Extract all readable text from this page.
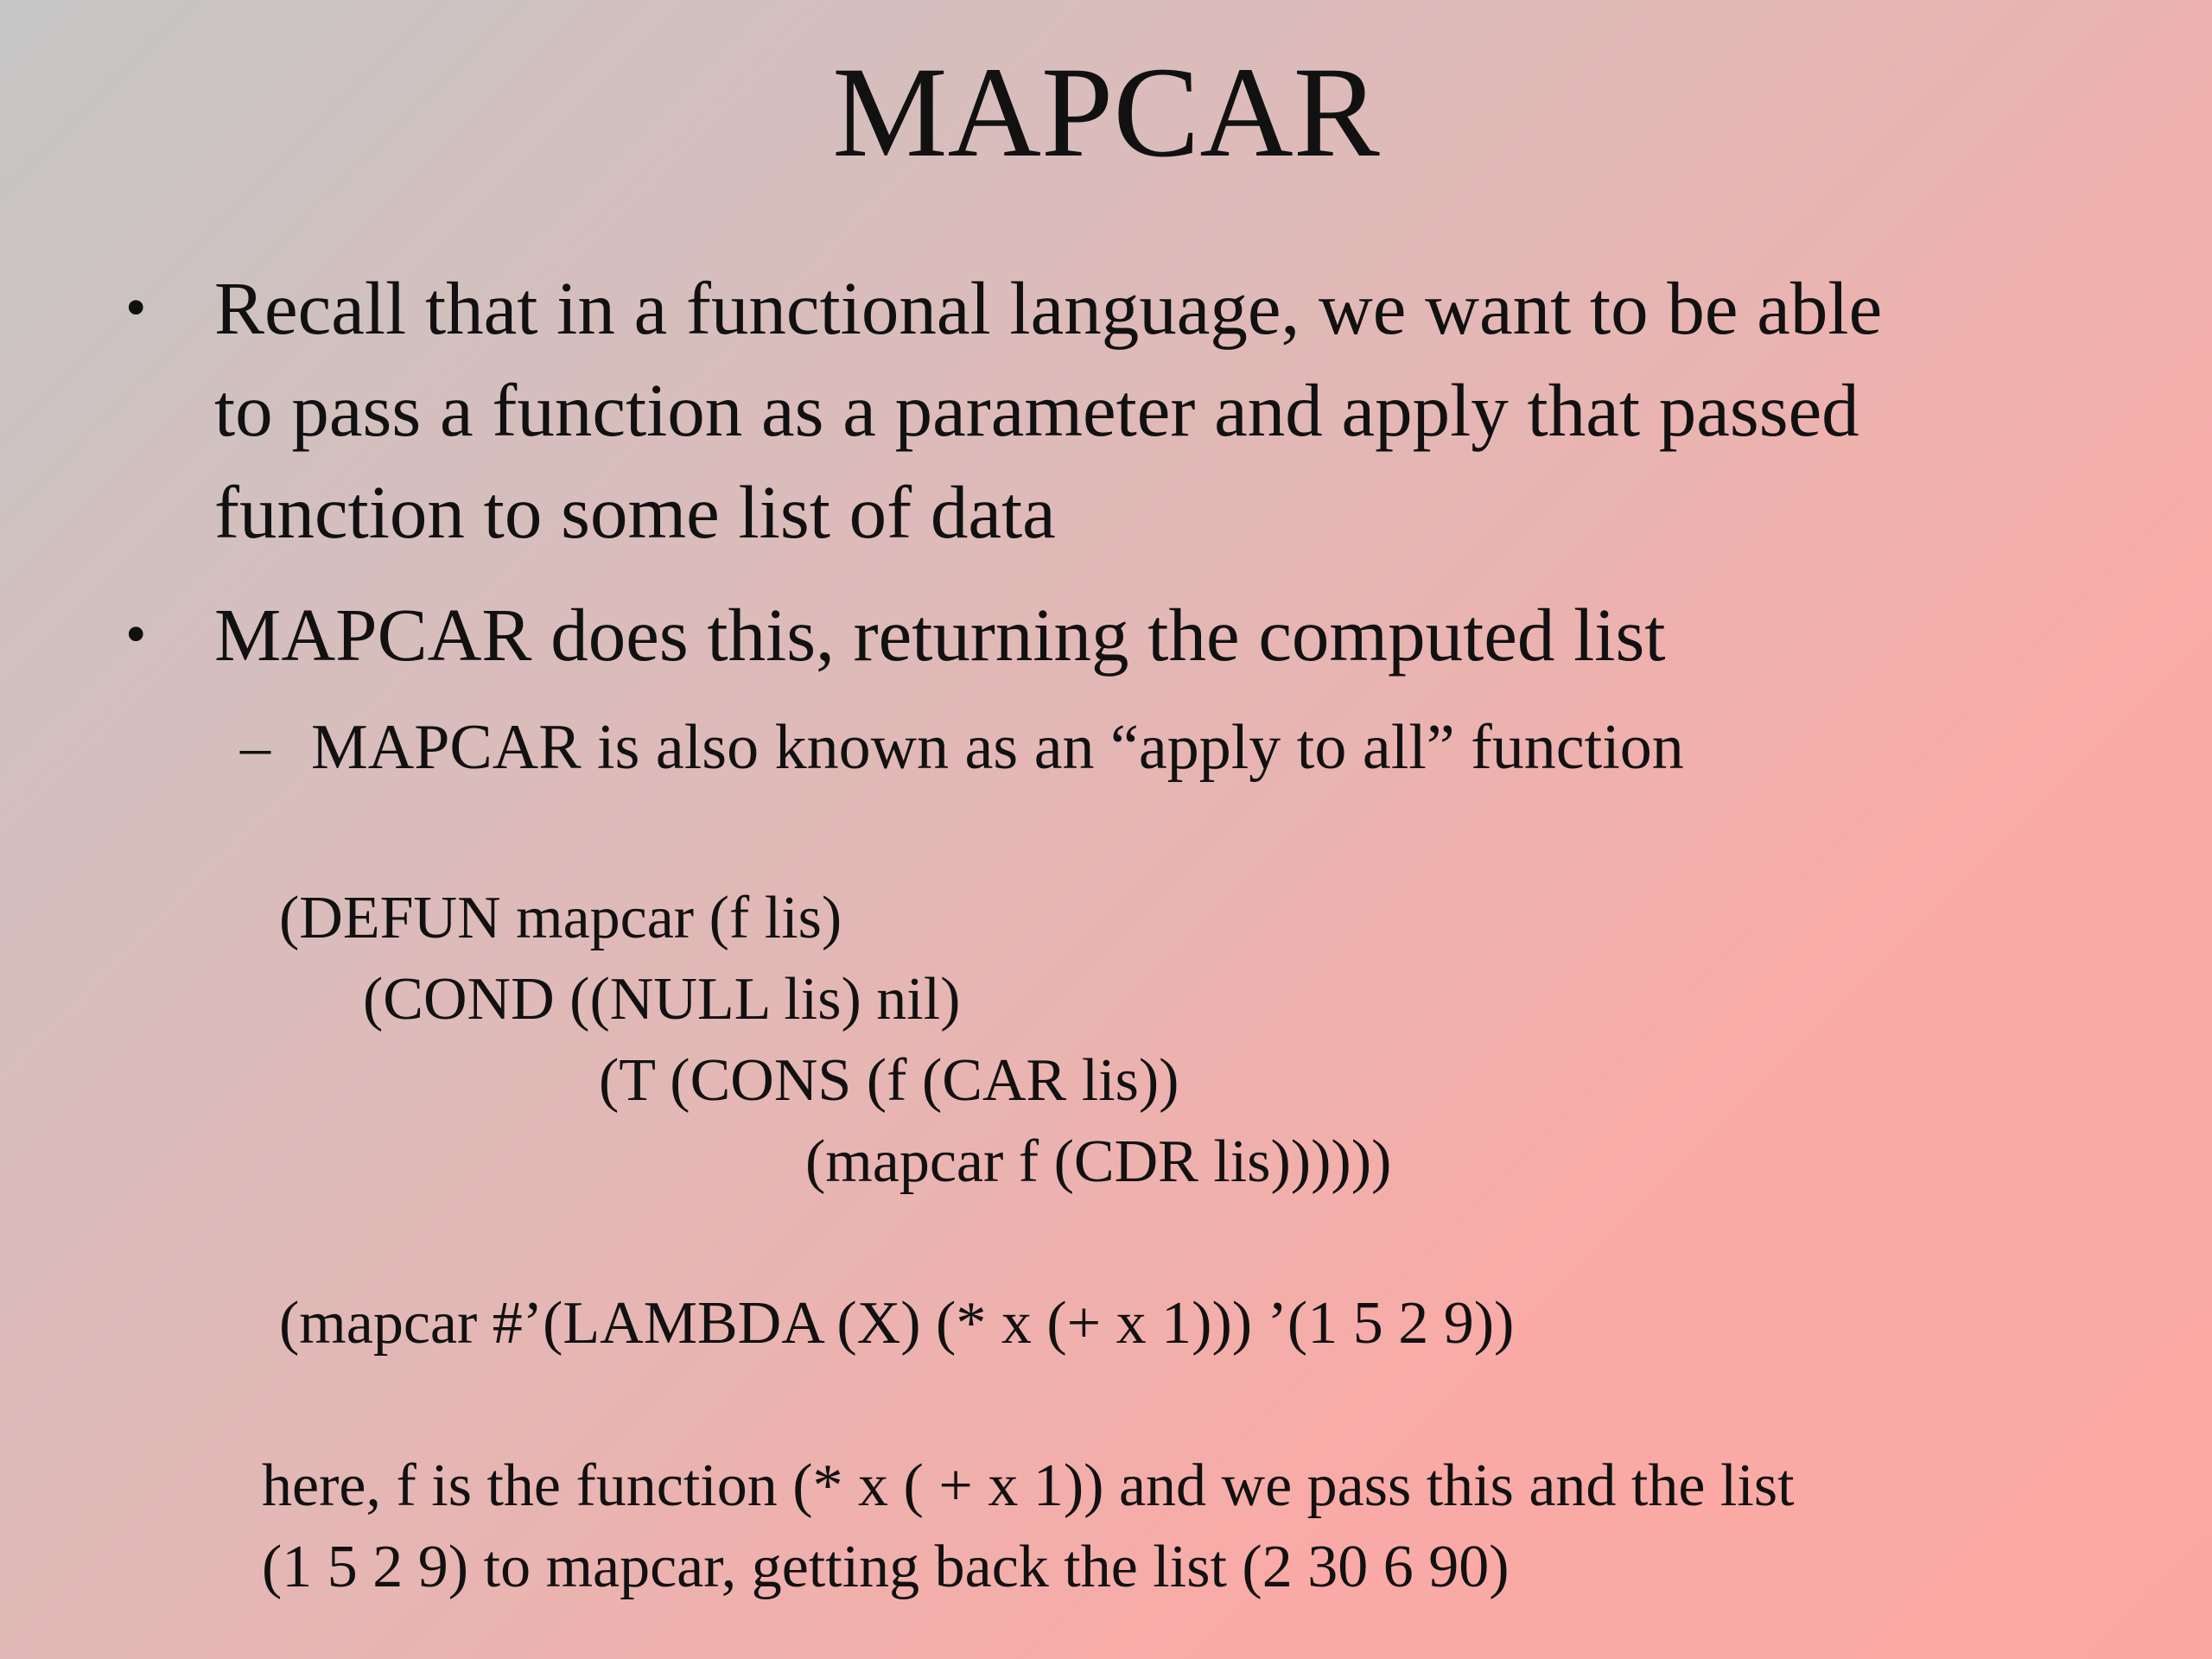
MAPCAR
• Recall that in a functional language, we want to be able
to pass a function as a parameter and apply that passed
function to some list of data
• MAPCAR does this, returning the computed list
– MAPCAR is also known as an “apply to all” function
(DEFUN mapcar (f lis)
(COND ((NULL lis) nil)
(T (CONS (f (CAR lis))
(mapcar f (CDR lis))))))
(mapcar #’(LAMBDA (X) (* x (+ x 1))) ’(1 5 2 9))
here, f is the function (* x ( + x 1)) and we pass this and the list
(1 5 2 9) to mapcar, getting back the list (2 30 6 90)
